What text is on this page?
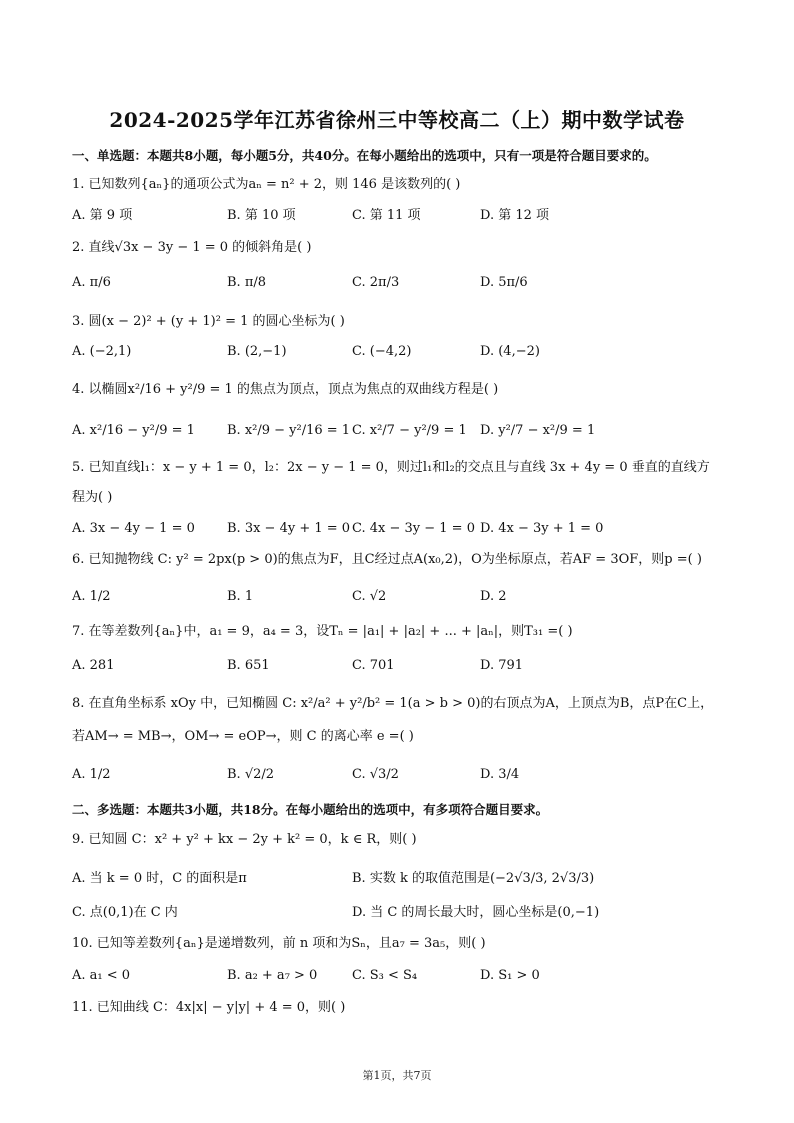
2024-2025学年江苏省徐州三中等校高二（上）期中数学试卷
一、单选题：本题共8小题，每小题5分，共40分。在每小题给出的选项中，只有一项是符合题目要求的。
1. 已知数列{aₙ}的通项公式为aₙ = n² + 2，则 146 是该数列的( )
A. 第 9 项	B. 第 10 项	C. 第 11 项	D. 第 12 项
2. 直线√3x − 3y − 1 = 0 的倾斜角是( )
A. π/6	B. π/8	C. 2π/3	D. 5π/6
3. 圆(x − 2)² + (y + 1)² = 1 的圆心坐标为( )
A. (−2,1)	B. (2,−1)	C. (−4,2)	D. (4,−2)
4. 以椭圆x²/16 + y²/9 = 1 的焦点为顶点，顶点为焦点的双曲线方程是( )
A. x²/16 − y²/9 = 1 B. x²/9 − y²/16 = 1 C. x²/7 − y²/9 = 1 D. y²/7 − x²/9 = 1
5. 已知直线l₁：x − y + 1 = 0，l₂：2x − y − 1 = 0，则过l₁和l₂的交点且与直线 3x + 4y = 0 垂直的直线方
程为( )
A. 3x − 4y − 1 = 0 B. 3x − 4y + 1 = 0 C. 4x − 3y − 1 = 0 D. 4x − 3y + 1 = 0
6. 已知抛物线 C: y² = 2px(p > 0)的焦点为F，且C经过点A(x₀,2)，O为坐标原点，若AF = 3OF，则p =( )
A. 1/2	B. 1	C. √2	D. 2
7. 在等差数列{aₙ}中，a₁ = 9，a₄ = 3，设Tₙ = |a₁| + |a₂| + ... + |aₙ|，则T₃₁ =( )
A. 281	B. 651	C. 701	D. 791
8. 在直角坐标系 xOy 中，已知椭圆 C: x²/a² + y²/b² = 1(a > b > 0)的右顶点为A，上顶点为B，点P在C上，
若AM→ = MB→，OM→ = eOP→，则 C 的离心率 e =( )
A. 1/2	B. √2/2	C. √3/2	D. 3/4
二、多选题：本题共3小题，共18分。在每小题给出的选项中，有多项符合题目要求。
9. 已知圆 C：x² + y² + kx − 2y + k² = 0，k ∈ R，则( )
A. 当 k = 0 时，C 的面积是π	B. 实数 k 的取值范围是(−2√3/3, 2√3/3)
C. 点(0,1)在 C 内	D. 当 C 的周长最大时，圆心坐标是(0,−1)
10. 已知等差数列{aₙ}是递增数列，前 n 项和为Sₙ，且a₇ = 3a₅，则( )
A. a₁ < 0	B. a₂ + a₇ > 0	C. S₃ < S₄	D. S₁ > 0
11. 已知曲线 C：4x|x| − y|y| + 4 = 0，则( )
第1页，共7页
